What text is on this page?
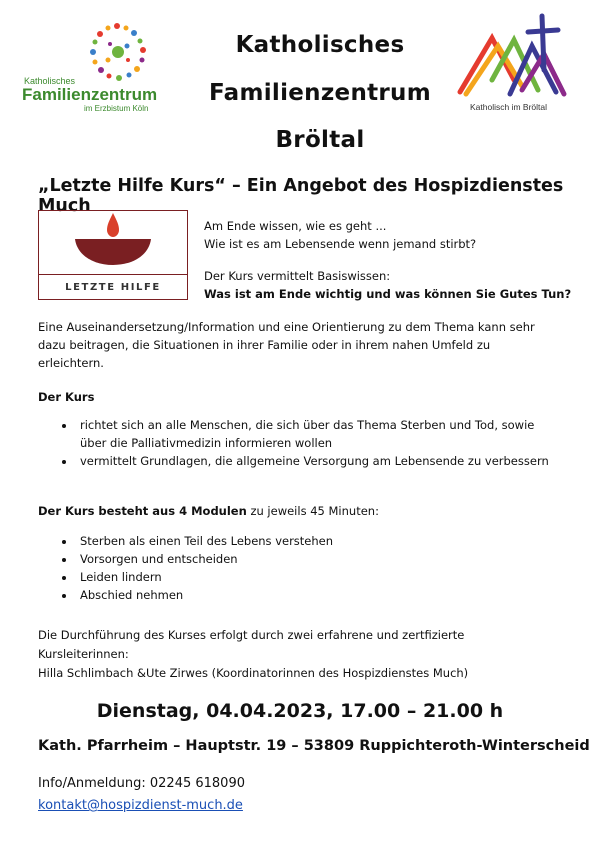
Katholisches
Familienzentrum
im Erzbistum Köln
Katholisches
Familienzentrum
Bröltal
Katholisch im Bröltal
„Letzte Hilfe Kurs“ – Ein Angebot des Hospizdienstes Much
LETZTE HILFE
Am Ende wissen, wie es geht ...
Wie ist es am Lebensende wenn jemand stirbt?
Der Kurs vermittelt Basiswissen:
Was ist am Ende wichtig und was können Sie Gutes Tun?
Eine Auseinandersetzung/Information und eine Orientierung zu dem Thema kann sehr
dazu beitragen, die Situationen in ihrer Familie oder in ihrem nahen Umfeld zu
erleichtern.
Der Kurs
• richtet sich an alle Menschen, die sich über das Thema Sterben und Tod, sowie
über die Palliativmedizin informieren wollen
• vermittelt Grundlagen, die allgemeine Versorgung am Lebensende zu verbessern
Der Kurs besteht aus 4 Modulen zu jeweils 45 Minuten:
• Sterben als einen Teil des Lebens verstehen
• Vorsorgen und entscheiden
• Leiden lindern
• Abschied nehmen
Die Durchführung des Kurses erfolgt durch zwei erfahrene und zertfizierte
Kursleiterinnen:
Hilla Schlimbach &Ute Zirwes (Koordinatorinnen des Hospizdienstes Much)
Dienstag, 04.04.2023, 17.00 – 21.00 h
Kath. Pfarrheim – Hauptstr. 19 – 53809 Ruppichteroth-Winterscheid
Info/Anmeldung: 02245 618090
kontakt@hospizdienst-much.de
